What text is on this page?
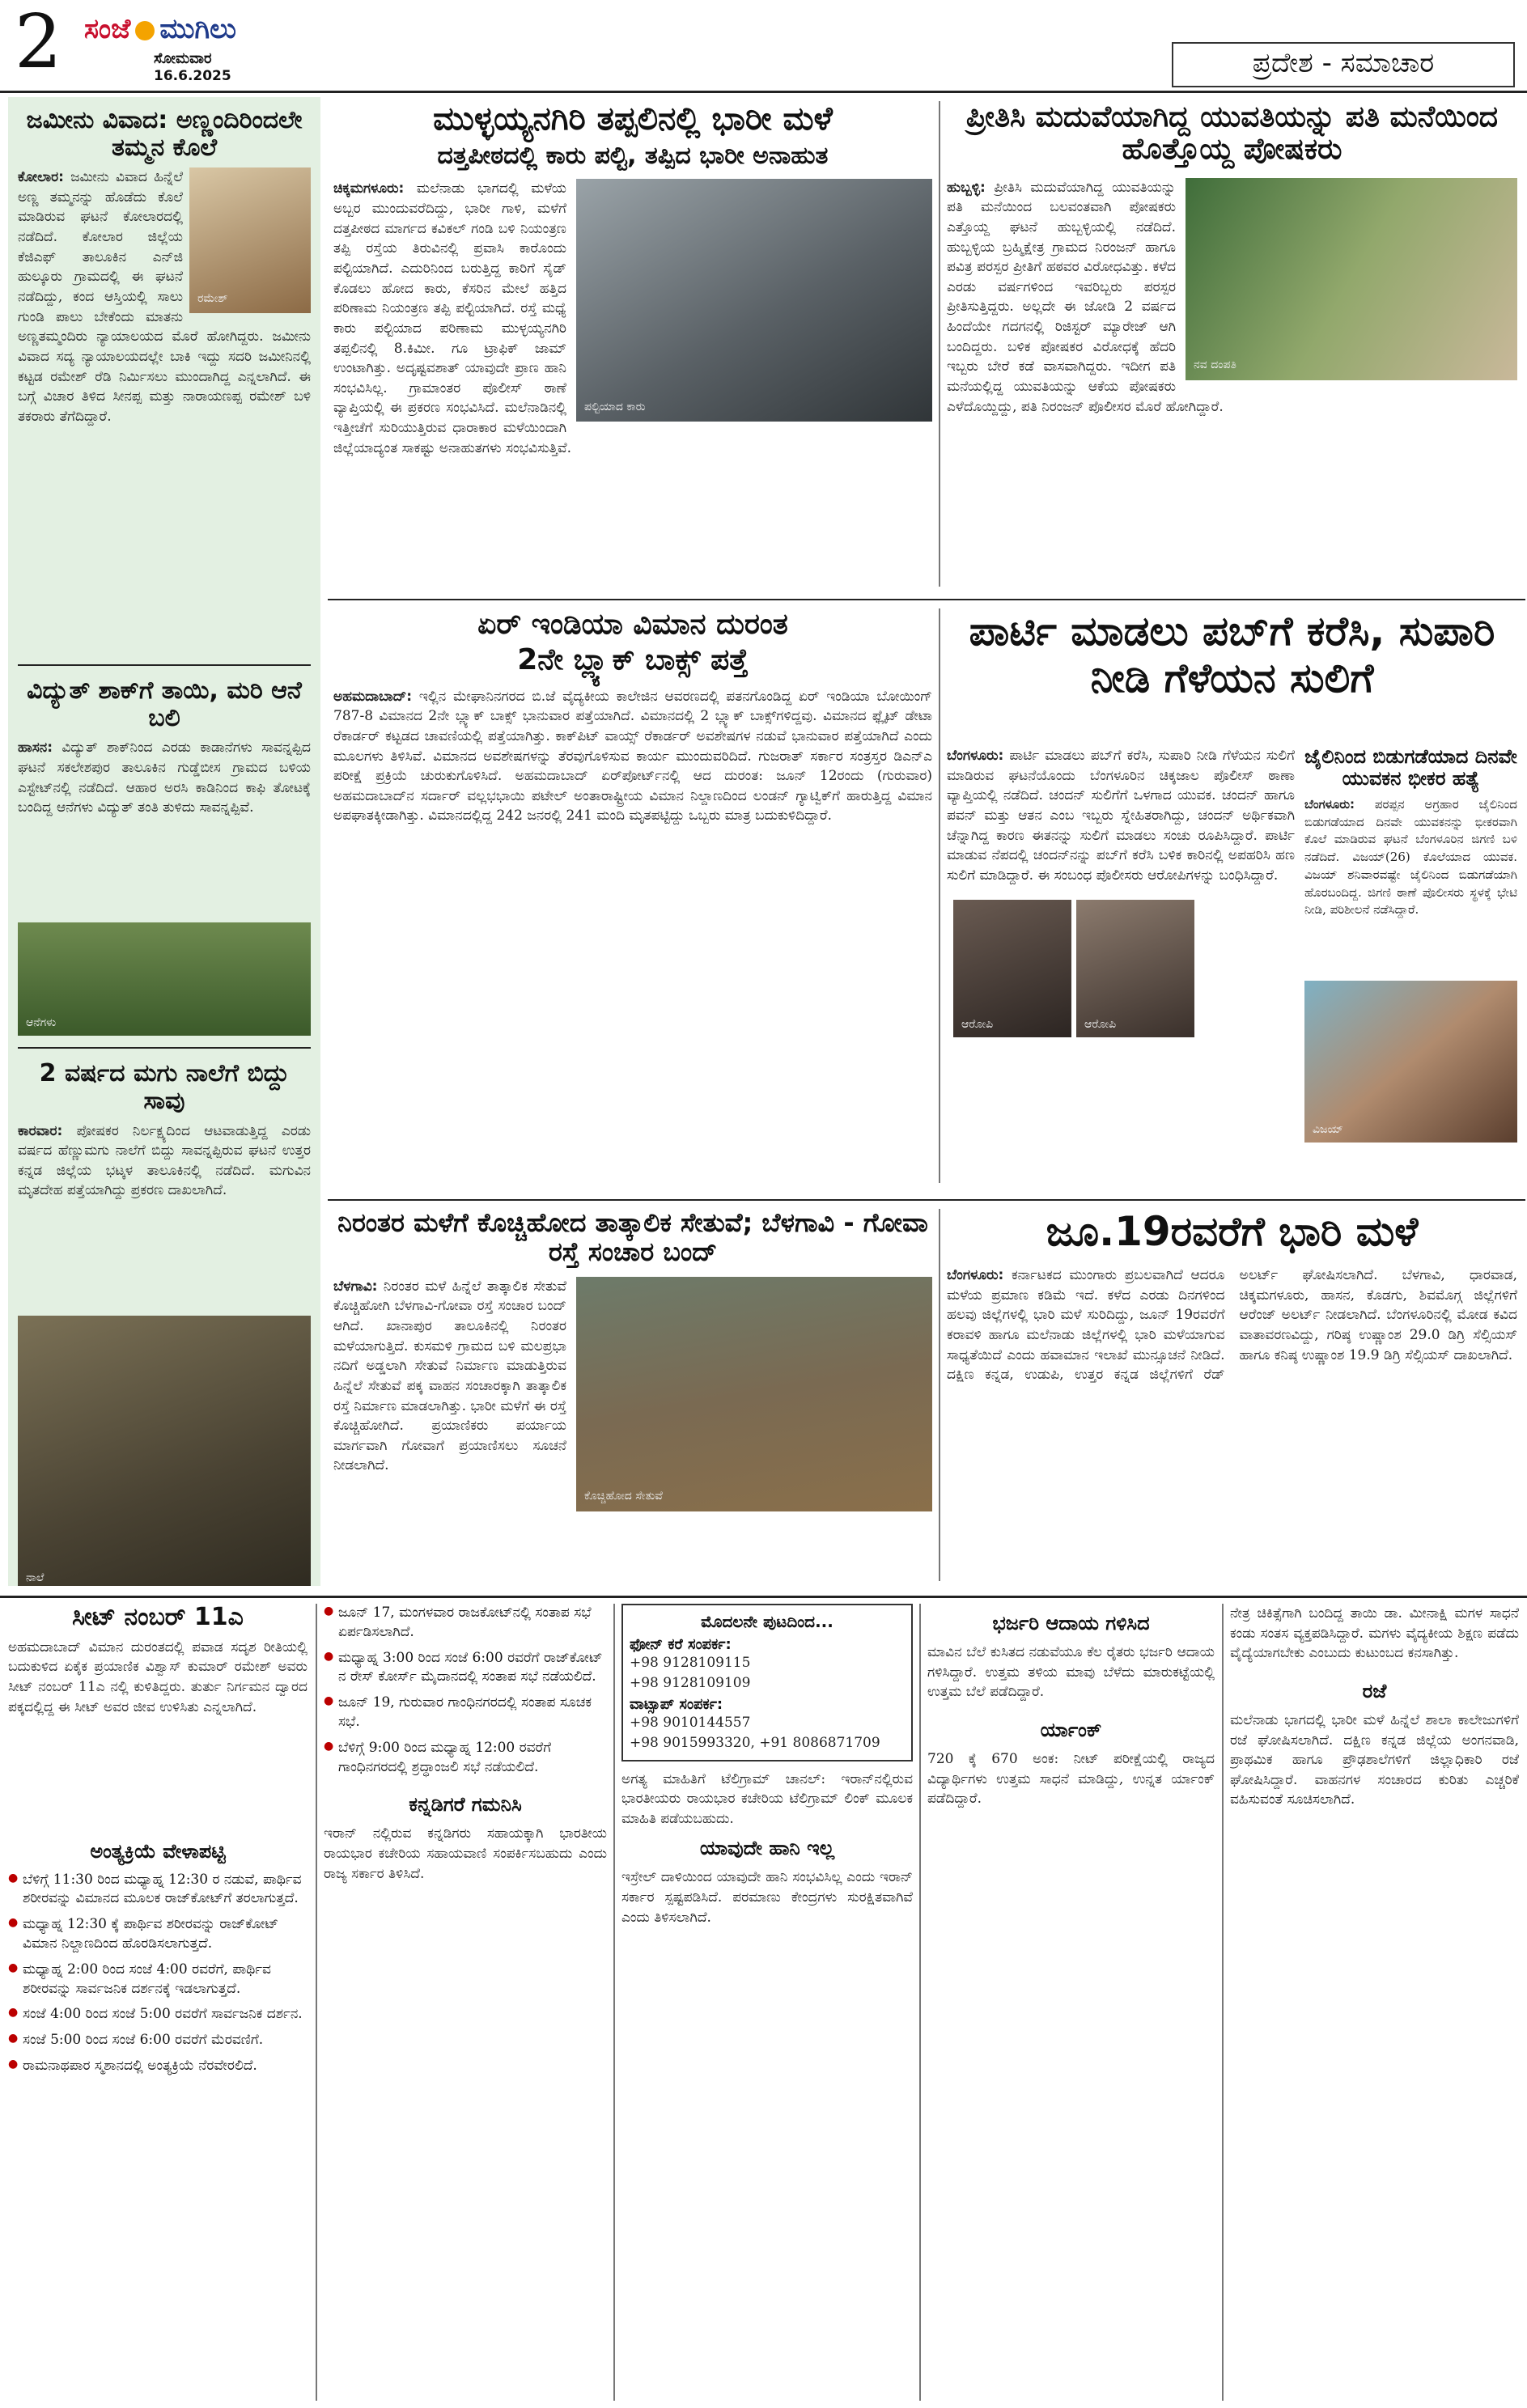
2 ಸಂಜೆ ಮುಗಿಲು
ಸೋಮವಾರ
16.6.2025	ಪ್ರದೇಶ - ಸಮಾಚಾರ
ಜಮೀನು ವಿವಾದ: ಅಣ್ಣಂದಿರಿಂದಲೇ ತಮ್ಮನ ಕೊಲೆ
ರಮೇಶ್
ಕೋಲಾರ: ಜಮೀನು ವಿವಾದ ಹಿನ್ನೆಲೆ ಅಣ್ಣ ತಮ್ಮನನ್ನು ಹೊಡೆದು ಕೊಲೆ ಮಾಡಿರುವ ಘಟನೆ ಕೋಲಾರದಲ್ಲಿ ನಡೆದಿದೆ. ಕೋಲಾರ ಜಿಲ್ಲೆಯ ಕೆಜಿಎಫ್ ತಾಲೂಕಿನ ಎನ್‌ಜಿ ಹುಲ್ಕೂರು ಗ್ರಾಮದಲ್ಲಿ ಈ ಘಟನೆ ನಡೆದಿದ್ದು, ಕಂದ ಆಸ್ತಿಯಲ್ಲಿ ಸಾಲು ಗುಂಡಿ ಪಾಲು ಬೇಕೆಂದು ಮಾತನು ಅಣ್ಣತಮ್ಮಂದಿರು ನ್ಯಾಯಾಲಯದ ಮೊರೆ ಹೋಗಿದ್ದರು. ಜಮೀನು ವಿವಾದ ಸದ್ಯ ನ್ಯಾಯಾಲಯದಲ್ಲೇ ಬಾಕಿ ಇದ್ದು ಸದರಿ ಜಮೀನಿನಲ್ಲಿ ಕಟ್ಟಡ ರಮೇಶ್ ರೆಡಿ ನಿರ್ಮಿಸಲು ಮುಂದಾಗಿದ್ದ ಎನ್ನಲಾಗಿದೆ. ಈ ಬಗ್ಗೆ ವಿಚಾರ ತಿಳಿದ ಸೀನಪ್ಪ ಮತ್ತು ನಾರಾಯಣಪ್ಪ ರಮೇಶ್ ಬಳಿ ತಕರಾರು ತೆಗೆದಿದ್ದಾರೆ.
ವಿದ್ಯುತ್ ಶಾಕ್‌ಗೆ ತಾಯಿ, ಮರಿ ಆನೆ ಬಲಿ
ಹಾಸನ: ವಿದ್ಯುತ್ ಶಾಕ್‌ನಿಂದ ಎರಡು ಕಾಡಾನೆಗಳು ಸಾವನ್ನಪ್ಪಿದ ಘಟನೆ ಸಕಲೇಶಪುರ ತಾಲೂಕಿನ ಗುಡ್ಡೆಬೀಸ ಗ್ರಾಮದ ಬಳಿಯ ಎಸ್ಟೇಟ್‌ನಲ್ಲಿ ನಡೆದಿದೆ. ಆಹಾರ ಅರಸಿ ಕಾಡಿನಿಂದ ಕಾಫಿ ತೋಟಕ್ಕೆ ಬಂದಿದ್ದ ಆನೆಗಳು ವಿದ್ಯುತ್ ತಂತಿ ತುಳಿದು ಸಾವನ್ನಪ್ಪಿವೆ.
ಆನೆಗಳು
2 ವರ್ಷದ ಮಗು ನಾಲೆಗೆ ಬಿದ್ದು ಸಾವು
ಕಾರವಾರ: ಪೋಷಕರ ನಿರ್ಲಕ್ಷ್ಯದಿಂದ ಆಟವಾಡುತ್ತಿದ್ದ ಎರಡು ವರ್ಷದ ಹೆಣ್ಣುಮಗು ನಾಲೆಗೆ ಬಿದ್ದು ಸಾವನ್ನಪ್ಪಿರುವ ಘಟನೆ ಉತ್ತರ ಕನ್ನಡ ಜಿಲ್ಲೆಯ ಭಟ್ಕಳ ತಾಲೂಕಿನಲ್ಲಿ ನಡೆದಿದೆ. ಮಗುವಿನ ಮೃತದೇಹ ಪತ್ತೆಯಾಗಿದ್ದು ಪ್ರಕರಣ ದಾಖಲಾಗಿದೆ.
ನಾಲೆ
ಮುಳ್ಳಯ್ಯನಗಿರಿ ತಪ್ಪಲಿನಲ್ಲಿ ಭಾರೀ ಮಳೆ
ದತ್ತಪೀಠದಲ್ಲಿ ಕಾರು ಪಲ್ಟಿ, ತಪ್ಪಿದ ಭಾರೀ ಅನಾಹುತ
ಪಲ್ಟಿಯಾದ ಕಾರು
ಚಿಕ್ಕಮಗಳೂರು: ಮಲೆನಾಡು ಭಾಗದಲ್ಲಿ ಮಳೆಯ ಅಬ್ಬರ ಮುಂದುವರೆದಿದ್ದು, ಭಾರೀ ಗಾಳಿ, ಮಳೆಗೆ ದತ್ತಪೀಠದ ಮಾರ್ಗದ ಕವಿಕಲ್ ಗಂಡಿ ಬಳಿ ನಿಯಂತ್ರಣ ತಪ್ಪಿ ರಸ್ತೆಯ ತಿರುವಿನಲ್ಲಿ ಪ್ರವಾಸಿ ಕಾರೊಂದು ಪಲ್ಟಿಯಾಗಿದೆ. ಎದುರಿನಿಂದ ಬರುತ್ತಿದ್ದ ಕಾರಿಗೆ ಸೈಡ್ ಕೊಡಲು ಹೋದ ಕಾರು, ಕೆಸರಿನ ಮೇಲೆ ಹತ್ತಿದ ಪರಿಣಾಮ ನಿಯಂತ್ರಣ ತಪ್ಪಿ ಪಲ್ಟಿಯಾಗಿದೆ. ರಸ್ತೆ ಮಧ್ಯೆ ಕಾರು ಪಲ್ಟಿಯಾದ ಪರಿಣಾಮ ಮುಳ್ಳಯ್ಯನಗಿರಿ ತಪ್ಪಲಿನಲ್ಲಿ 8.ಕಿಮೀ. ಗೂ ಟ್ರಾಫಿಕ್ ಜಾಮ್ ಉಂಟಾಗಿತ್ತು. ಅದೃಷ್ಟವಶಾತ್ ಯಾವುದೇ ಪ್ರಾಣ ಹಾನಿ ಸಂಭವಿಸಿಲ್ಲ. ಗ್ರಾಮಾಂತರ ಪೊಲೀಸ್ ಠಾಣೆ ವ್ಯಾಪ್ತಿಯಲ್ಲಿ ಈ ಪ್ರಕರಣ ಸಂಭವಿಸಿದೆ. ಮಲೆನಾಡಿನಲ್ಲಿ ಇತ್ತೀಚೆಗೆ ಸುರಿಯುತ್ತಿರುವ ಧಾರಾಕಾರ ಮಳೆಯಿಂದಾಗಿ ಜಿಲ್ಲೆಯಾದ್ಯಂತ ಸಾಕಷ್ಟು ಅನಾಹುತಗಳು ಸಂಭವಿಸುತ್ತಿವೆ.
ಪ್ರೀತಿಸಿ ಮದುವೆಯಾಗಿದ್ದ ಯುವತಿಯನ್ನು ಪತಿ ಮನೆಯಿಂದ ಹೊತ್ತೊಯ್ದ ಪೋಷಕರು
ನವ ದಂಪತಿ
ಹುಬ್ಬಳ್ಳಿ: ಪ್ರೀತಿಸಿ ಮದುವೆಯಾಗಿದ್ದ ಯುವತಿಯನ್ನು ಪತಿ ಮನೆಯಿಂದ ಬಲವಂತವಾಗಿ ಪೋಷಕರು ಎತ್ತೊಯ್ದ ಘಟನೆ ಹುಬ್ಬಳ್ಳಿಯಲ್ಲಿ ನಡೆದಿದೆ. ಹುಬ್ಬಳ್ಳಿಯ ಬ್ರಹ್ಮಿಕ್ಷೇತ್ರ ಗ್ರಾಮದ ನಿರಂಜನ್ ಹಾಗೂ ಪವಿತ್ರ ಪರಸ್ಪರ ಪ್ರೀತಿಗೆ ಹಠವರ ವಿರೋಧವಿತ್ತು. ಕಳೆದ ಎರಡು ವರ್ಷಗಳಿಂದ ಇವರಿಬ್ಬರು ಪರಸ್ಪರ ಪ್ರೀತಿಸುತ್ತಿದ್ದರು. ಅಲ್ಲದೇ ಈ ಜೋಡಿ 2 ವರ್ಷದ ಹಿಂದೆಯೇ ಗದಗನಲ್ಲಿ ರಿಜಿಸ್ಟರ್ ಮ್ಯಾರೇಜ್ ಆಗಿ ಬಂದಿದ್ದರು. ಬಳಿಕ ಪೋಷಕರ ವಿರೋಧಕ್ಕೆ ಹೆದರಿ ಇಬ್ಬರು ಬೇರೆ ಕಡೆ ವಾಸವಾಗಿದ್ದರು. ಇದೀಗ ಪತಿ ಮನೆಯಲ್ಲಿದ್ದ ಯುವತಿಯನ್ನು ಆಕೆಯ ಪೋಷಕರು ಎಳೆದೊಯ್ದಿದ್ದು, ಪತಿ ನಿರಂಜನ್ ಪೊಲೀಸರ ಮೊರೆ ಹೋಗಿದ್ದಾರೆ.
ಏರ್ ಇಂಡಿಯಾ ವಿಮಾನ ದುರಂತ
2ನೇ ಬ್ಲ್ಯಾಕ್ ಬಾಕ್ಸ್ ಪತ್ತೆ
ಅಹಮದಾಬಾದ್: ಇಲ್ಲಿನ ಮೇಘಾನಿನಗರದ ಬಿ.ಜೆ ವೈದ್ಯಕೀಯ ಕಾಲೇಜಿನ ಆವರಣದಲ್ಲಿ ಪತನಗೊಂಡಿದ್ದ ಏರ್ ಇಂಡಿಯಾ ಬೋಯಿಂಗ್ 787-8 ವಿಮಾನದ 2ನೇ ಬ್ಲ್ಯಾಕ್ ಬಾಕ್ಸ್ ಭಾನುವಾರ ಪತ್ತೆಯಾಗಿದೆ. ವಿಮಾನದಲ್ಲಿ 2 ಬ್ಲ್ಯಾಕ್ ಬಾಕ್ಸ್‌ಗಳಿದ್ದವು. ವಿಮಾನದ ಫ್ಲೈಟ್ ಡೇಟಾ ರೆಕಾರ್ಡರ್ ಕಟ್ಟಡದ ಚಾವಣಿಯಲ್ಲಿ ಪತ್ತೆಯಾಗಿತ್ತು. ಕಾಕ್‌ಪಿಟ್ ವಾಯ್ಸ್ ರೆಕಾರ್ಡರ್ ಅವಶೇಷಗಳ ನಡುವೆ ಭಾನುವಾರ ಪತ್ತೆಯಾಗಿದೆ ಎಂದು ಮೂಲಗಳು ತಿಳಿಸಿವೆ. ವಿಮಾನದ ಅವಶೇಷಗಳನ್ನು ತೆರವುಗೊಳಿಸುವ ಕಾರ್ಯ ಮುಂದುವರಿದಿದೆ. ಗುಜರಾತ್ ಸರ್ಕಾರ ಸಂತ್ರಸ್ತರ ಡಿಎನ್‌ಎ ಪರೀಕ್ಷೆ ಪ್ರಕ್ರಿಯೆ ಚುರುಕುಗೊಳಿಸಿದೆ. ಅಹಮದಾಬಾದ್ ಏರ್‌ಪೋರ್ಟ್‌ನಲ್ಲಿ ಆದ ದುರಂತ: ಜೂನ್ 12ರಂದು (ಗುರುವಾರ) ಅಹಮದಾಬಾದ್‌ನ ಸರ್ದಾರ್ ವಲ್ಲಭಭಾಯಿ ಪಟೇಲ್ ಅಂತಾರಾಷ್ಟ್ರೀಯ ವಿಮಾನ ನಿಲ್ದಾಣದಿಂದ ಲಂಡನ್ ಗ್ಯಾಟ್ವಿಕ್‌ಗೆ ಹಾರುತ್ತಿದ್ದ ವಿಮಾನ ಅಪಘಾತಕ್ಕೀಡಾಗಿತ್ತು. ವಿಮಾನದಲ್ಲಿದ್ದ 242 ಜನರಲ್ಲಿ 241 ಮಂದಿ ಮೃತಪಟ್ಟಿದ್ದು ಒಬ್ಬರು ಮಾತ್ರ ಬದುಕುಳಿದಿದ್ದಾರೆ.
ಪಾರ್ಟಿ ಮಾಡಲು ಪಬ್‌ಗೆ ಕರೆಸಿ, ಸುಪಾರಿ ನೀಡಿ ಗೆಳೆಯನ ಸುಲಿಗೆ
ಬೆಂಗಳೂರು: ಪಾರ್ಟಿ ಮಾಡಲು ಪಬ್‌ಗೆ ಕರೆಸಿ, ಸುಪಾರಿ ನೀಡಿ ಗೆಳೆಯನ ಸುಲಿಗೆ ಮಾಡಿರುವ ಘಟನೆಯೊಂದು ಬೆಂಗಳೂರಿನ ಚಿಕ್ಕಜಾಲ ಪೊಲೀಸ್ ಠಾಣಾ ವ್ಯಾಪ್ತಿಯಲ್ಲಿ ನಡೆದಿದೆ. ಚಂದನ್ ಸುಲಿಗೆಗೆ ಒಳಗಾದ ಯುವಕ. ಚಂದನ್ ಹಾಗೂ ಪವನ್ ಮತ್ತು ಆತನ ಎಂಬ ಇಬ್ಬರು ಸ್ನೇಹಿತರಾಗಿದ್ದು, ಚಂದನ್ ಅರ್ಥಿಕವಾಗಿ ಚೆನ್ನಾಗಿದ್ದ ಕಾರಣ ಈತನನ್ನು ಸುಲಿಗೆ ಮಾಡಲು ಸಂಚು ರೂಪಿಸಿದ್ದಾರೆ. ಪಾರ್ಟಿ ಮಾಡುವ ನೆಪದಲ್ಲಿ ಚಂದನ್‌ನನ್ನು ಪಬ್‌ಗೆ ಕರೆಸಿ ಬಳಿಕ ಕಾರಿನಲ್ಲಿ ಅಪಹರಿಸಿ ಹಣ ಸುಲಿಗೆ ಮಾಡಿದ್ದಾರೆ. ಈ ಸಂಬಂಧ ಪೊಲೀಸರು ಆರೋಪಿಗಳನ್ನು ಬಂಧಿಸಿದ್ದಾರೆ.
ಆರೋಪಿ	ಆರೋಪಿ
ಜೈಲಿನಿಂದ ಬಿಡುಗಡೆಯಾದ ದಿನವೇ ಯುವಕನ ಭೀಕರ ಹತ್ಯೆ
ಬೆಂಗಳೂರು: ಪರಪ್ಪನ ಅಗ್ರಹಾರ ಜೈಲಿನಿಂದ ಬಿಡುಗಡೆಯಾದ ದಿನವೇ ಯುವಕನನ್ನು ಭೀಕರವಾಗಿ ಕೊಲೆ ಮಾಡಿರುವ ಘಟನೆ ಬೆಂಗಳೂರಿನ ಜಿಗಣಿ ಬಳಿ ನಡೆದಿದೆ. ವಿಜಯ್(26) ಕೊಲೆಯಾದ ಯುವಕ. ವಿಜಯ್ ಶನಿವಾರವಷ್ಟೇ ಜೈಲಿನಿಂದ ಬಿಡುಗಡೆಯಾಗಿ ಹೊರಬಂದಿದ್ದ. ಜಿಗಣಿ ಠಾಣೆ ಪೊಲೀಸರು ಸ್ಥಳಕ್ಕೆ ಭೇಟಿ ನೀಡಿ, ಪರಿಶೀಲನೆ ನಡೆಸಿದ್ದಾರೆ.
ವಿಜಯ್
ನಿರಂತರ ಮಳೆಗೆ ಕೊಚ್ಚಿಹೋದ ತಾತ್ಕಾಲಿಕ ಸೇತುವೆ; ಬೆಳಗಾವಿ - ಗೋವಾ ರಸ್ತೆ ಸಂಚಾರ ಬಂದ್
ಕೊಚ್ಚಿಹೋದ ಸೇತುವೆ
ಬೆಳಗಾವಿ: ನಿರಂತರ ಮಳೆ ಹಿನ್ನೆಲೆ ತಾತ್ಕಾಲಿಕ ಸೇತುವೆ ಕೊಚ್ಚಿಹೋಗಿ ಬೆಳಗಾವಿ-ಗೋವಾ ರಸ್ತೆ ಸಂಚಾರ ಬಂದ್ ಆಗಿದೆ. ಖಾನಾಪುರ ತಾಲೂಕಿನಲ್ಲಿ ನಿರಂತರ ಮಳೆಯಾಗುತ್ತಿದೆ. ಕುಸಮಳಿ ಗ್ರಾಮದ ಬಳಿ ಮಲಪ್ರಭಾ ನದಿಗೆ ಅಡ್ಡಲಾಗಿ ಸೇತುವೆ ನಿರ್ಮಾಣ ಮಾಡುತ್ತಿರುವ ಹಿನ್ನೆಲೆ ಸೇತುವೆ ಪಕ್ಕ ವಾಹನ ಸಂಚಾರಕ್ಕಾಗಿ ತಾತ್ಕಾಲಿಕ ರಸ್ತೆ ನಿರ್ಮಾಣ ಮಾಡಲಾಗಿತ್ತು. ಭಾರೀ ಮಳೆಗೆ ಈ ರಸ್ತೆ ಕೊಚ್ಚಿಹೋಗಿದೆ. ಪ್ರಯಾಣಿಕರು ಪರ್ಯಾಯ ಮಾರ್ಗವಾಗಿ ಗೋವಾಗೆ ಪ್ರಯಾಣಿಸಲು ಸೂಚನೆ ನೀಡಲಾಗಿದೆ.
ಜೂ.19ರವರೆಗೆ ಭಾರಿ ಮಳೆ
ಬೆಂಗಳೂರು: ಕರ್ನಾಟಕದ ಮುಂಗಾರು ಪ್ರಬಲವಾಗಿದೆ ಆದರೂ ಮಳೆಯ ಪ್ರಮಾಣ ಕಡಿಮೆ ಇದೆ. ಕಳೆದ ಎರಡು ದಿನಗಳಿಂದ ಹಲವು ಜಿಲ್ಲೆಗಳಲ್ಲಿ ಭಾರಿ ಮಳೆ ಸುರಿದಿದ್ದು, ಜೂನ್ 19ರವರೆಗೆ ಕರಾವಳಿ ಹಾಗೂ ಮಲೆನಾಡು ಜಿಲ್ಲೆಗಳಲ್ಲಿ ಭಾರಿ ಮಳೆಯಾಗುವ ಸಾಧ್ಯತೆಯಿದೆ ಎಂದು ಹವಾಮಾನ ಇಲಾಖೆ ಮುನ್ಸೂಚನೆ ನೀಡಿದೆ. ದಕ್ಷಿಣ ಕನ್ನಡ, ಉಡುಪಿ, ಉತ್ತರ ಕನ್ನಡ ಜಿಲ್ಲೆಗಳಿಗೆ ರೆಡ್ ಅಲರ್ಟ್ ಘೋಷಿಸಲಾಗಿದೆ. ಬೆಳಗಾವಿ, ಧಾರವಾಡ, ಚಿಕ್ಕಮಗಳೂರು, ಹಾಸನ, ಕೊಡಗು, ಶಿವಮೊಗ್ಗ ಜಿಲ್ಲೆಗಳಿಗೆ ಆರೆಂಜ್ ಅಲರ್ಟ್ ನೀಡಲಾಗಿದೆ. ಬೆಂಗಳೂರಿನಲ್ಲಿ ಮೋಡ ಕವಿದ ವಾತಾವರಣವಿದ್ದು, ಗರಿಷ್ಠ ಉಷ್ಣಾಂಶ 29.0 ಡಿಗ್ರಿ ಸೆಲ್ಸಿಯಸ್ ಹಾಗೂ ಕನಿಷ್ಠ ಉಷ್ಣಾಂಶ 19.9 ಡಿಗ್ರಿ ಸೆಲ್ಸಿಯಸ್ ದಾಖಲಾಗಿದೆ.
ಸೀಟ್ ನಂಬರ್ 11ಎ
ಅಹಮದಾಬಾದ್ ವಿಮಾನ ದುರಂತದಲ್ಲಿ ಪವಾಡ ಸದೃಶ ರೀತಿಯಲ್ಲಿ ಬದುಕುಳಿದ ಏಕೈಕ ಪ್ರಯಾಣಿಕ ವಿಶ್ವಾಸ್ ಕುಮಾರ್ ರಮೇಶ್ ಅವರು ಸೀಟ್ ನಂಬರ್ 11ಎ ನಲ್ಲಿ ಕುಳಿತಿದ್ದರು. ತುರ್ತು ನಿರ್ಗಮನ ದ್ವಾರದ ಪಕ್ಕದಲ್ಲಿದ್ದ ಈ ಸೀಟ್ ಅವರ ಜೀವ ಉಳಿಸಿತು ಎನ್ನಲಾಗಿದೆ.
ಅಂತ್ಯಕ್ರಿಯೆ ವೇಳಾಪಟ್ಟಿ
● ಬೆಳಿಗ್ಗೆ 11:30 ರಿಂದ ಮಧ್ಯಾಹ್ನ 12:30 ರ ನಡುವೆ, ಪಾರ್ಥಿವ ಶರೀರವನ್ನು ವಿಮಾನದ ಮೂಲಕ ರಾಜ್‌ಕೋಟ್‌ಗೆ ತರಲಾಗುತ್ತದೆ.
● ಮಧ್ಯಾಹ್ನ 12:30 ಕ್ಕೆ ಪಾರ್ಥಿವ ಶರೀರವನ್ನು ರಾಜ್‌ಕೋಟ್ ವಿಮಾನ ನಿಲ್ದಾಣದಿಂದ ಹೊರಡಿಸಲಾಗುತ್ತದೆ.
● ಮಧ್ಯಾಹ್ನ 2:00 ರಿಂದ ಸಂಜೆ 4:00 ರವರೆಗೆ, ಪಾರ್ಥಿವ ಶರೀರವನ್ನು ಸಾರ್ವಜನಿಕ ದರ್ಶನಕ್ಕೆ ಇಡಲಾಗುತ್ತದೆ.
● ಸಂಜೆ 4:00 ರಿಂದ ಸಂಜೆ 5:00 ರವರೆಗೆ ಸಾರ್ವಜನಿಕ ದರ್ಶನ.
● ಸಂಜೆ 5:00 ರಿಂದ ಸಂಜೆ 6:00 ರವರೆಗೆ ಮೆರವಣಿಗೆ.
● ರಾಮನಾಥಪಾರ ಸ್ಮಶಾನದಲ್ಲಿ ಅಂತ್ಯಕ್ರಿಯೆ ನೆರವೇರಲಿದೆ.
● ಜೂನ್ 17, ಮಂಗಳವಾರ ರಾಜಕೋಟ್‌ನಲ್ಲಿ ಸಂತಾಪ ಸಭೆ ಏರ್ಪಡಿಸಲಾಗಿದೆ.
● ಮಧ್ಯಾಹ್ನ 3:00 ರಿಂದ ಸಂಜೆ 6:00 ರವರೆಗೆ ರಾಜ್‌ಕೋಟ್ ನ ರೇಸ್ ಕೋರ್ಸ್ ಮೈದಾನದಲ್ಲಿ ಸಂತಾಪ ಸಭೆ ನಡೆಯಲಿದೆ.
● ಜೂನ್ 19, ಗುರುವಾರ ಗಾಂಧಿನಗರದಲ್ಲಿ ಸಂತಾಪ ಸೂಚಕ ಸಭೆ.
● ಬೆಳಿಗ್ಗೆ 9:00 ರಿಂದ ಮಧ್ಯಾಹ್ನ 12:00 ರವರೆಗೆ ಗಾಂಧಿನಗರದಲ್ಲಿ ಶ್ರದ್ಧಾಂಜಲಿ ಸಭೆ ನಡೆಯಲಿದೆ.
ಕನ್ನಡಿಗರೆ ಗಮನಿಸಿ
ಇರಾನ್ ನಲ್ಲಿರುವ ಕನ್ನಡಿಗರು ಸಹಾಯಕ್ಕಾಗಿ ಭಾರತೀಯ ರಾಯಭಾರ ಕಚೇರಿಯ ಸಹಾಯವಾಣಿ ಸಂಪರ್ಕಿಸಬಹುದು ಎಂದು ರಾಜ್ಯ ಸರ್ಕಾರ ತಿಳಿಸಿದೆ.
ಮೊದಲನೇ ಪುಟದಿಂದ...
ಫೋನ್ ಕರೆ ಸಂಪರ್ಕ:
+98 9128109115
+98 9128109109
ವಾಟ್ಸಾಪ್ ಸಂಪರ್ಕ:
+98 9010144557
+98 9015993320, +91 8086871709
ಅಗತ್ಯ ಮಾಹಿತಿಗೆ ಟೆಲಿಗ್ರಾಮ್ ಚಾನಲ್: ಇರಾನ್‌ನಲ್ಲಿರುವ ಭಾರತೀಯರು ರಾಯಭಾರ ಕಚೇರಿಯ ಟೆಲಿಗ್ರಾಮ್ ಲಿಂಕ್ ಮೂಲಕ ಮಾಹಿತಿ ಪಡೆಯಬಹುದು.
ಯಾವುದೇ ಹಾನಿ ಇಲ್ಲ
ಇಸ್ರೇಲ್ ದಾಳಿಯಿಂದ ಯಾವುದೇ ಹಾನಿ ಸಂಭವಿಸಿಲ್ಲ ಎಂದು ಇರಾನ್ ಸರ್ಕಾರ ಸ್ಪಷ್ಟಪಡಿಸಿದೆ. ಪರಮಾಣು ಕೇಂದ್ರಗಳು ಸುರಕ್ಷಿತವಾಗಿವೆ ಎಂದು ತಿಳಿಸಲಾಗಿದೆ.
ಭರ್ಜರಿ ಆದಾಯ ಗಳಿಸಿದ
ಮಾವಿನ ಬೆಲೆ ಕುಸಿತದ ನಡುವೆಯೂ ಕೆಲ ರೈತರು ಭರ್ಜರಿ ಆದಾಯ ಗಳಿಸಿದ್ದಾರೆ. ಉತ್ತಮ ತಳಿಯ ಮಾವು ಬೆಳೆದು ಮಾರುಕಟ್ಟೆಯಲ್ಲಿ ಉತ್ತಮ ಬೆಲೆ ಪಡೆದಿದ್ದಾರೆ.
ರ್ಯಾಂಕ್
720 ಕ್ಕೆ 670 ಅಂಕ: ನೀಟ್ ಪರೀಕ್ಷೆಯಲ್ಲಿ ರಾಜ್ಯದ ವಿದ್ಯಾರ್ಥಿಗಳು ಉತ್ತಮ ಸಾಧನೆ ಮಾಡಿದ್ದು, ಉನ್ನತ ರ್ಯಾಂಕ್ ಪಡೆದಿದ್ದಾರೆ.
ನೇತ್ರ ಚಿಕಿತ್ಸೆಗಾಗಿ ಬಂದಿದ್ದ ತಾಯಿ ಡಾ. ಮೀನಾಕ್ಷಿ ಮಗಳ ಸಾಧನೆ ಕಂಡು ಸಂತಸ ವ್ಯಕ್ತಪಡಿಸಿದ್ದಾರೆ. ಮಗಳು ವೈದ್ಯಕೀಯ ಶಿಕ್ಷಣ ಪಡೆದು ವೈದ್ಯೆಯಾಗಬೇಕು ಎಂಬುದು ಕುಟುಂಬದ ಕನಸಾಗಿತ್ತು.
ರಜೆ
ಮಲೆನಾಡು ಭಾಗದಲ್ಲಿ ಭಾರೀ ಮಳೆ ಹಿನ್ನೆಲೆ ಶಾಲಾ ಕಾಲೇಜುಗಳಿಗೆ ರಜೆ ಘೋಷಿಸಲಾಗಿದೆ. ದಕ್ಷಿಣ ಕನ್ನಡ ಜಿಲ್ಲೆಯ ಅಂಗನವಾಡಿ, ಪ್ರಾಥಮಿಕ ಹಾಗೂ ಪ್ರೌಢಶಾಲೆಗಳಿಗೆ ಜಿಲ್ಲಾಧಿಕಾರಿ ರಜೆ ಘೋಷಿಸಿದ್ದಾರೆ. ವಾಹನಗಳ ಸಂಚಾರದ ಕುರಿತು ಎಚ್ಚರಿಕೆ ವಹಿಸುವಂತೆ ಸೂಚಿಸಲಾಗಿದೆ.
